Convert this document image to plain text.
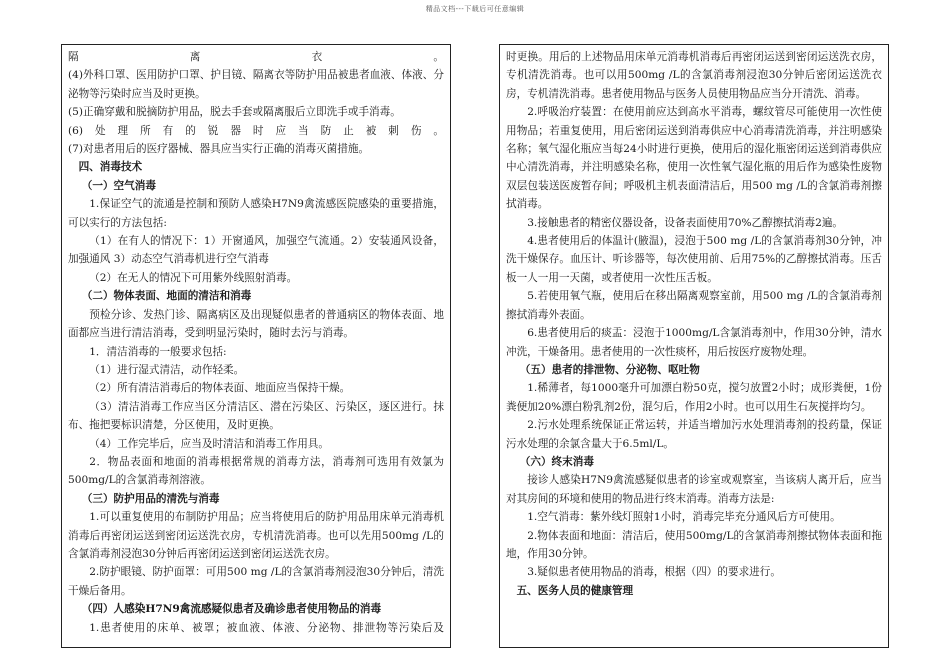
精品文档---下载后可任意编辑

隔离衣。

(4)外科口罩、医用防护口罩、护目镜、隔离衣等防护用品被患者血液、体液、分泌物等污染时应当及时更换。

(5)正确穿戴和脱摘防护用品，脱去手套或隔离服后立即洗手或手消毒。

(6)处理所有的锐器时应当防止被刺伤。

(7)对患者用后的医疗器械、器具应当实行正确的消毒灭菌措施。

四、消毒技术

（一）空气消毒

1.保证空气的流通是控制和预防人感染H7N9禽流感医院感染的重要措施，可以实行的方法包括:

（1）在有人的情况下：1）开窗通风，加强空气流通。2）安装通风设备，加强通风 3）动态空气消毒机进行空气消毒

（2）在无人的情况下可用紫外线照射消毒。

（二）物体表面、地面的清洁和消毒

预检分诊、发热门诊、隔离病区及出现疑似患者的普通病区的物体表面、地面都应当进行清洁消毒，受到明显污染时，随时去污与消毒。

1．清洁消毒的一般要求包括:

（1）进行湿式清洁，动作轻柔。

（2）所有清洁消毒后的物体表面、地面应当保持干燥。

（3）清洁消毒工作应当区分清洁区、潜在污染区、污染区，逐区进行。抹布、拖把要标识清楚，分区使用，及时更换。

（4）工作完毕后，应当及时清洁和消毒工作用具。

2．物品表面和地面的消毒根据常规的消毒方法，消毒剂可选用有效氯为500mg/L的含氯消毒剂溶液。

（三）防护用品的清洗与消毒

1.可以重复使用的布制防护用品；应当将使用后的防护用品用床单元消毒机消毒后再密闭运送到密闭运送洗衣房，专机清洗消毒。也可以先用500mg /L的含氯消毒剂浸泡30分钟后再密闭运送到密闭运送洗衣房。

2.防护眼镜、防护面罩：可用500 mg /L的含氯消毒剂浸泡30分钟后，清洗干燥后备用。

（四）人感染H7N9禽流感疑似患者及确诊患者使用物品的消毒

1.患者使用的床单、被罩；被血液、体液、分泌物、排泄物等污染后及

时更换。用后的上述物品用床单元消毒机消毒后再密闭运送到密闭运送洗衣房，专机清洗消毒。也可以用500mg /L的含氯消毒剂浸泡30分钟后密闭运送洗衣房，专机清洗消毒。患者使用物品与医务人员使用物品应当分开清洗、消毒。

2.呼吸治疗装置：在使用前应达到高水平消毒，螺纹管尽可能使用一次性使用物品；若重复使用，用后密闭运送到消毒供应中心消毒清洗消毒，并注明感染名称；氧气湿化瓶应当每24小时进行更换，使用后的湿化瓶密闭运送到消毒供应中心清洗消毒，并注明感染名称，使用一次性氧气湿化瓶的用后作为感染性废物双层包装送医废暂存间；呼吸机主机表面清洁后，用500 mg /L的含氯消毒剂擦拭消毒。

3.接触患者的精密仪器设备，设备表面使用70%乙醇擦拭消毒2遍。

4.患者使用后的体温计(腋温)，浸泡于500 mg /L的含氯消毒剂30分钟，冲洗干燥保存。血压计、听诊器等，每次使用前、后用75%的乙醇擦拭消毒。压舌板一人一用一天菌，或者使用一次性压舌板。

5.若使用氧气瓶，使用后在移出隔离观察室前，用500 mg /L的含氯消毒剂擦拭消毒外表面。

6.患者使用后的痰盂：浸泡于1000mg/L含氯消毒剂中，作用30分钟，清水冲洗，干燥备用。患者使用的一次性痰杯，用后按医疗废物处理。

（五）患者的排泄物、分泌物、呕吐物

1.稀薄者，每1000毫升可加漂白粉50克，搅匀放置2小时；成形粪便，1份粪便加20%漂白粉乳剂2份，混匀后，作用2小时。也可以用生石灰搅拌均匀。

2.污水处理系统保证正常运转，并适当增加污水处理消毒剂的投药量，保证污水处理的余氯含量大于6.5ml/L。

（六）终末消毒

接诊人感染H7N9禽流感疑似患者的诊室或观察室，当该病人离开后，应当对其房间的环境和使用的物品进行终末消毒。消毒方法是:

1.空气消毒：紫外线灯照射1小时，消毒完毕充分通风后方可使用。

2.物体表面和地面：清洁后，使用500mg/L的含氯消毒剂擦拭物体表面和拖地，作用30分钟。

3.疑似患者使用物品的消毒，根据（四）的要求进行。

五、医务人员的健康管理
